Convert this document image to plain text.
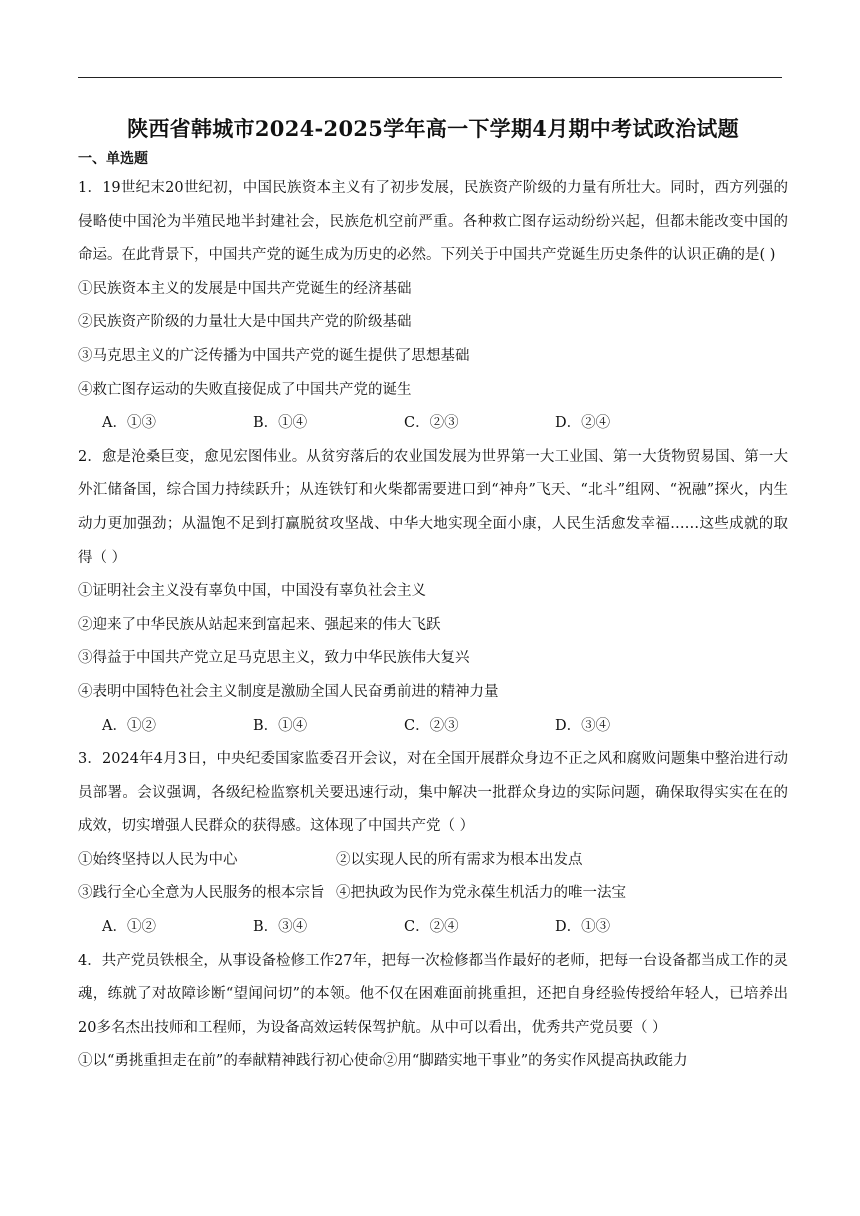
陕西省韩城市2024-2025学年高一下学期4月期中考试政治试题
一、单选题

1．19世纪末20世纪初，中国民族资本主义有了初步发展，民族资产阶级的力量有所壮大。同时，西方列强的侵略使中国沦为半殖民地半封建社会，民族危机空前严重。各种救亡图存运动纷纷兴起，但都未能改变中国的命运。在此背景下，中国共产党的诞生成为历史的必然。下列关于中国共产党诞生历史条件的认识正确的是( )

①民族资本主义的发展是中国共产党诞生的经济基础

②民族资产阶级的力量壮大是中国共产党的阶级基础

③马克思主义的广泛传播为中国共产党的诞生提供了思想基础

④救亡图存运动的失败直接促成了中国共产党的诞生

A．①③	B．①④	C．②③	D．②④

2．愈是沧桑巨变，愈见宏图伟业。从贫穷落后的农业国发展为世界第一大工业国、第一大货物贸易国、第一大外汇储备国，综合国力持续跃升；从连铁钉和火柴都需要进口到“神舟”飞天、“北斗”组网、“祝融”探火，内生动力更加强劲；从温饱不足到打赢脱贫攻坚战、中华大地实现全面小康，人民生活愈发幸福……这些成就的取得（ ）

①证明社会主义没有辜负中国，中国没有辜负社会主义

②迎来了中华民族从站起来到富起来、强起来的伟大飞跃

③得益于中国共产党立足马克思主义，致力中华民族伟大复兴

④表明中国特色社会主义制度是激励全国人民奋勇前进的精神力量

A．①②	B．①④	C．②③	D．③④

3．2024年4月3日，中央纪委国家监委召开会议，对在全国开展群众身边不正之风和腐败问题集中整治进行动员部署。会议强调，各级纪检监察机关要迅速行动，集中解决一批群众身边的实际问题，确保取得实实在在的成效，切实增强人民群众的获得感。这体现了中国共产党（ ）

①始终坚持以人民为中心	②以实现人民的所有需求为根本出发点

③践行全心全意为人民服务的根本宗旨 ④把执政为民作为党永葆生机活力的唯一法宝

A．①②	B．③④	C．②④	D．①③

4．共产党员铁根全，从事设备检修工作27年，把每一次检修都当作最好的老师，把每一台设备都当成工作的灵魂，练就了对故障诊断“望闻问切”的本领。他不仅在困难面前挑重担，还把自身经验传授给年轻人，已培养出20多名杰出技师和工程师，为设备高效运转保驾护航。从中可以看出，优秀共产党员要（ ）

①以“勇挑重担走在前”的奉献精神践行初心使命②用“脚踏实地干事业”的务实作风提高执政能力
